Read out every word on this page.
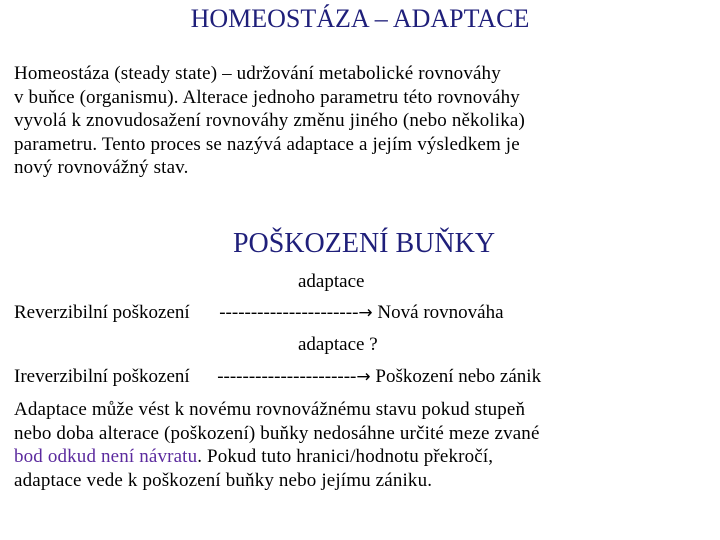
HOMEOSTÁZA – ADAPTACE
Homeostáza (steady state) – udržování metabolické rovnováhy
v buňce (organismu). Alterace jednoho parametru této rovnováhy
vyvolá k znovudosažení rovnováhy změnu jiného (nebo několika)
parametru. Tento proces se nazývá adaptace a jejím výsledkem je
nový rovnovážný stav.
POŠKOZENÍ BUŇKY
adaptace
Reverzibilní poškození ----------------------→ Nová rovnováha
adaptace ?
Ireverzibilní poškození ----------------------→ Poškození nebo zánik
Adaptace může vést k novému rovnovážnému stavu pokud stupeň
nebo doba alterace (poškození) buňky nedosáhne určité meze zvané
bod odkud není návratu. Pokud tuto hranici/hodnotu překročí,
adaptace vede k poškození buňky nebo jejímu zániku.
